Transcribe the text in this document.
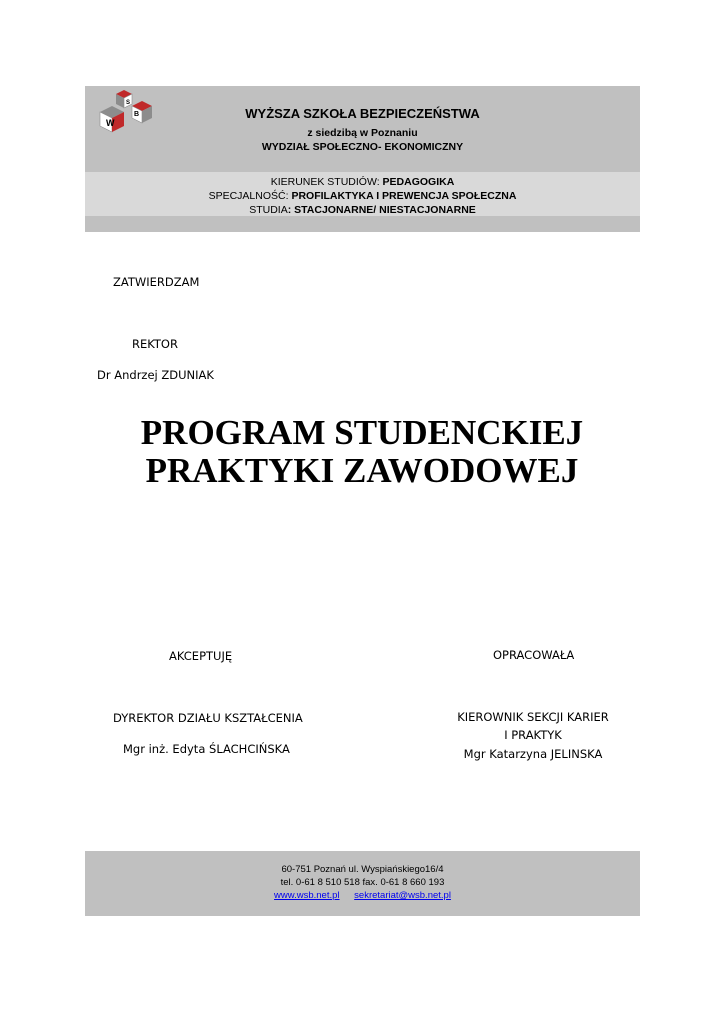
W
S
B	WYŻSZA SZKOŁA BEZPIECZEŃSTWA
z siedzibą w Poznaniu
WYDZIAŁ SPOŁECZNO- EKONOMICZNY
KIERUNEK STUDIÓW: PEDAGOGIKA
SPECJALNOŚĆ: PROFILAKTYKA I PREWENCJA SPOŁECZNA
STUDIA: STACJONARNE/ NIESTACJONARNE
ZATWIERDZAM
REKTOR
Dr Andrzej ZDUNIAK
PROGRAM STUDENCKIEJ
PRAKTYKI ZAWODOWEJ
AKCEPTUJĘ	OPRACOWAŁA
DYREKTOR DZIAŁU KSZTAŁCENIA
Mgr inż. Edyta ŚLACHCIŃSKA
KIEROWNIK SEKCJI KARIER
I PRAKTYK
Mgr Katarzyna JELINSKA
60-751 Poznań ul. Wyspiańskiego16/4
tel. 0-61 8 510 518 fax. 0-61 8 660 193
www.wsb.net.pl sekretariat@wsb.net.pl
